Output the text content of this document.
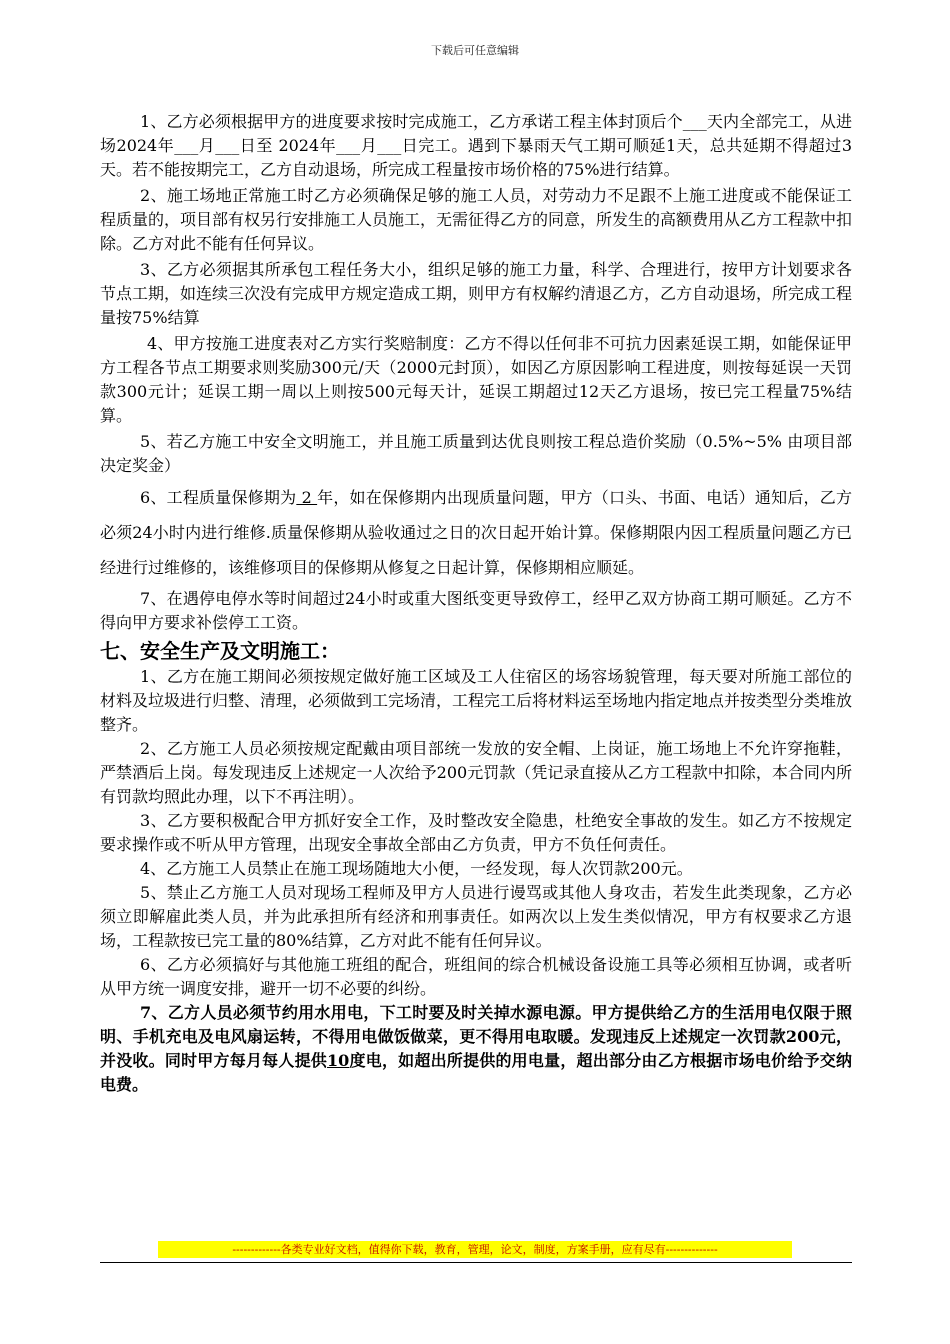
下载后可任意编辑

1、乙方必须根据甲方的进度要求按时完成施工，乙方承诺工程主体封顶后个___天内全部完工，从进场2024年___月___日至 2024年___月___日完工。遇到下暴雨天气工期可顺延1天，总共延期不得超过3天。若不能按期完工，乙方自动退场，所完成工程量按市场价格的75%进行结算。

2、施工场地正常施工时乙方必须确保足够的施工人员，对劳动力不足跟不上施工进度或不能保证工程质量的，项目部有权另行安排施工人员施工，无需征得乙方的同意，所发生的高额费用从乙方工程款中扣除。乙方对此不能有任何异议。

3、乙方必须据其所承包工程任务大小，组织足够的施工力量，科学、合理进行，按甲方计划要求各节点工期，如连续三次没有完成甲方规定造成工期，则甲方有权解约清退乙方，乙方自动退场，所完成工程量按75%结算

4、甲方按施工进度表对乙方实行奖赔制度：乙方不得以任何非不可抗力因素延误工期，如能保证甲方工程各节点工期要求则奖励300元/天（2000元封顶），如因乙方原因影响工程进度，则按每延误一天罚款300元计；延误工期一周以上则按500元每天计，延误工期超过12天乙方退场，按已完工程量75%结算。

5、若乙方施工中安全文明施工，并且施工质量到达优良则按工程总造价奖励（0.5%~5% 由项目部决定奖金）

6、工程质量保修期为 2 年，如在保修期内出现质量问题，甲方（口头、书面、电话）通知后，乙方必须24小时内进行维修.质量保修期从验收通过之日的次日起开始计算。保修期限内因工程质量问题乙方已经进行过维修的，该维修项目的保修期从修复之日起计算，保修期相应顺延。

7、在遇停电停水等时间超过24小时或重大图纸变更导致停工，经甲乙双方协商工期可顺延。乙方不得向甲方要求补偿停工工资。

七、安全生产及文明施工：

1、乙方在施工期间必须按规定做好施工区域及工人住宿区的场容场貌管理，每天要对所施工部位的材料及垃圾进行归整、清理，必须做到工完场清，工程完工后将材料运至场地内指定地点并按类型分类堆放整齐。

2、乙方施工人员必须按规定配戴由项目部统一发放的安全帽、上岗证，施工场地上不允许穿拖鞋，严禁酒后上岗。每发现违反上述规定一人次给予200元罚款（凭记录直接从乙方工程款中扣除，本合同内所有罚款均照此办理，以下不再注明）。

3、乙方要积极配合甲方抓好安全工作，及时整改安全隐患，杜绝安全事故的发生。如乙方不按规定要求操作或不听从甲方管理，出现安全事故全部由乙方负责，甲方不负任何责任。

4、乙方施工人员禁止在施工现场随地大小便，一经发现，每人次罚款200元。

5、禁止乙方施工人员对现场工程师及甲方人员进行谩骂或其他人身攻击，若发生此类现象，乙方必须立即解雇此类人员，并为此承担所有经济和刑事责任。如两次以上发生类似情况，甲方有权要求乙方退场，工程款按已完工量的80%结算，乙方对此不能有任何异议。

6、乙方必须搞好与其他施工班组的配合，班组间的综合机械设备设施工具等必须相互协调，或者听从甲方统一调度安排，避开一切不必要的纠纷。

7、乙方人员必须节约用水用电，下工时要及时关掉水源电源。甲方提供给乙方的生活用电仅限于照明、手机充电及电风扇运转，不得用电做饭做菜，更不得用电取暖。发现违反上述规定一次罚款200元，并没收。同时甲方每月每人提供10度电，如超出所提供的用电量，超出部分由乙方根据市场电价给予交纳电费。

-------------各类专业好文档，值得你下载，教育，管理，论文，制度，方案手册，应有尽有--------------
